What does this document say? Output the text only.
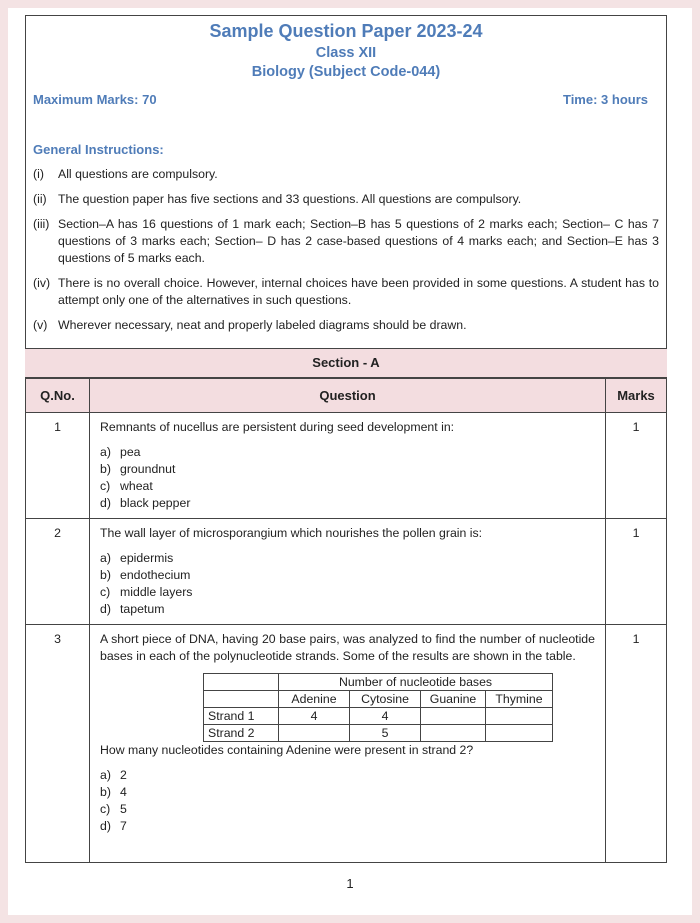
Sample Question Paper 2023-24
Class XII
Biology (Subject Code-044)
Maximum Marks: 70	Time: 3 hours
General Instructions:
(i)	All questions are compulsory.
(ii) The question paper has five sections and 33 questions. All questions are compulsory.
(iii) Section–A has 16 questions of 1 mark each; Section–B has 5 questions of 2 marks each; Section– C has 7 questions of 3 marks each; Section– D has 2 case-based questions of 4 marks each; and Section–E has 3 questions of 5 marks each.
(iv) There is no overall choice. However, internal choices have been provided in some questions. A student has to attempt only one of the alternatives in such questions.
(v) Wherever necessary, neat and properly labeled diagrams should be drawn.
Section - A
Q.No.	Question	Marks
1	Remnants of nucellus are persistent during seed development in:
a) pea
b) groundnut
c) wheat
d) black pepper
	1
2	The wall layer of microsporangium which nourishes the pollen grain is:
a) epidermis
b) endothecium
c) middle layers
d) tapetum
	1
3	A short piece of DNA, having 20 base pairs, was analyzed to find the number of nucleotide bases in each of the polynucleotide strands. Some of the results are shown in the table.
	Number of nucleotide bases
	Adenine	Cytosine	Guanine	Thymine
Strand 1	4	4		
Strand 2		5		
How many nucleotides containing Adenine were present in strand 2?
a) 2
b) 4
c) 5
d) 7
	1
1
